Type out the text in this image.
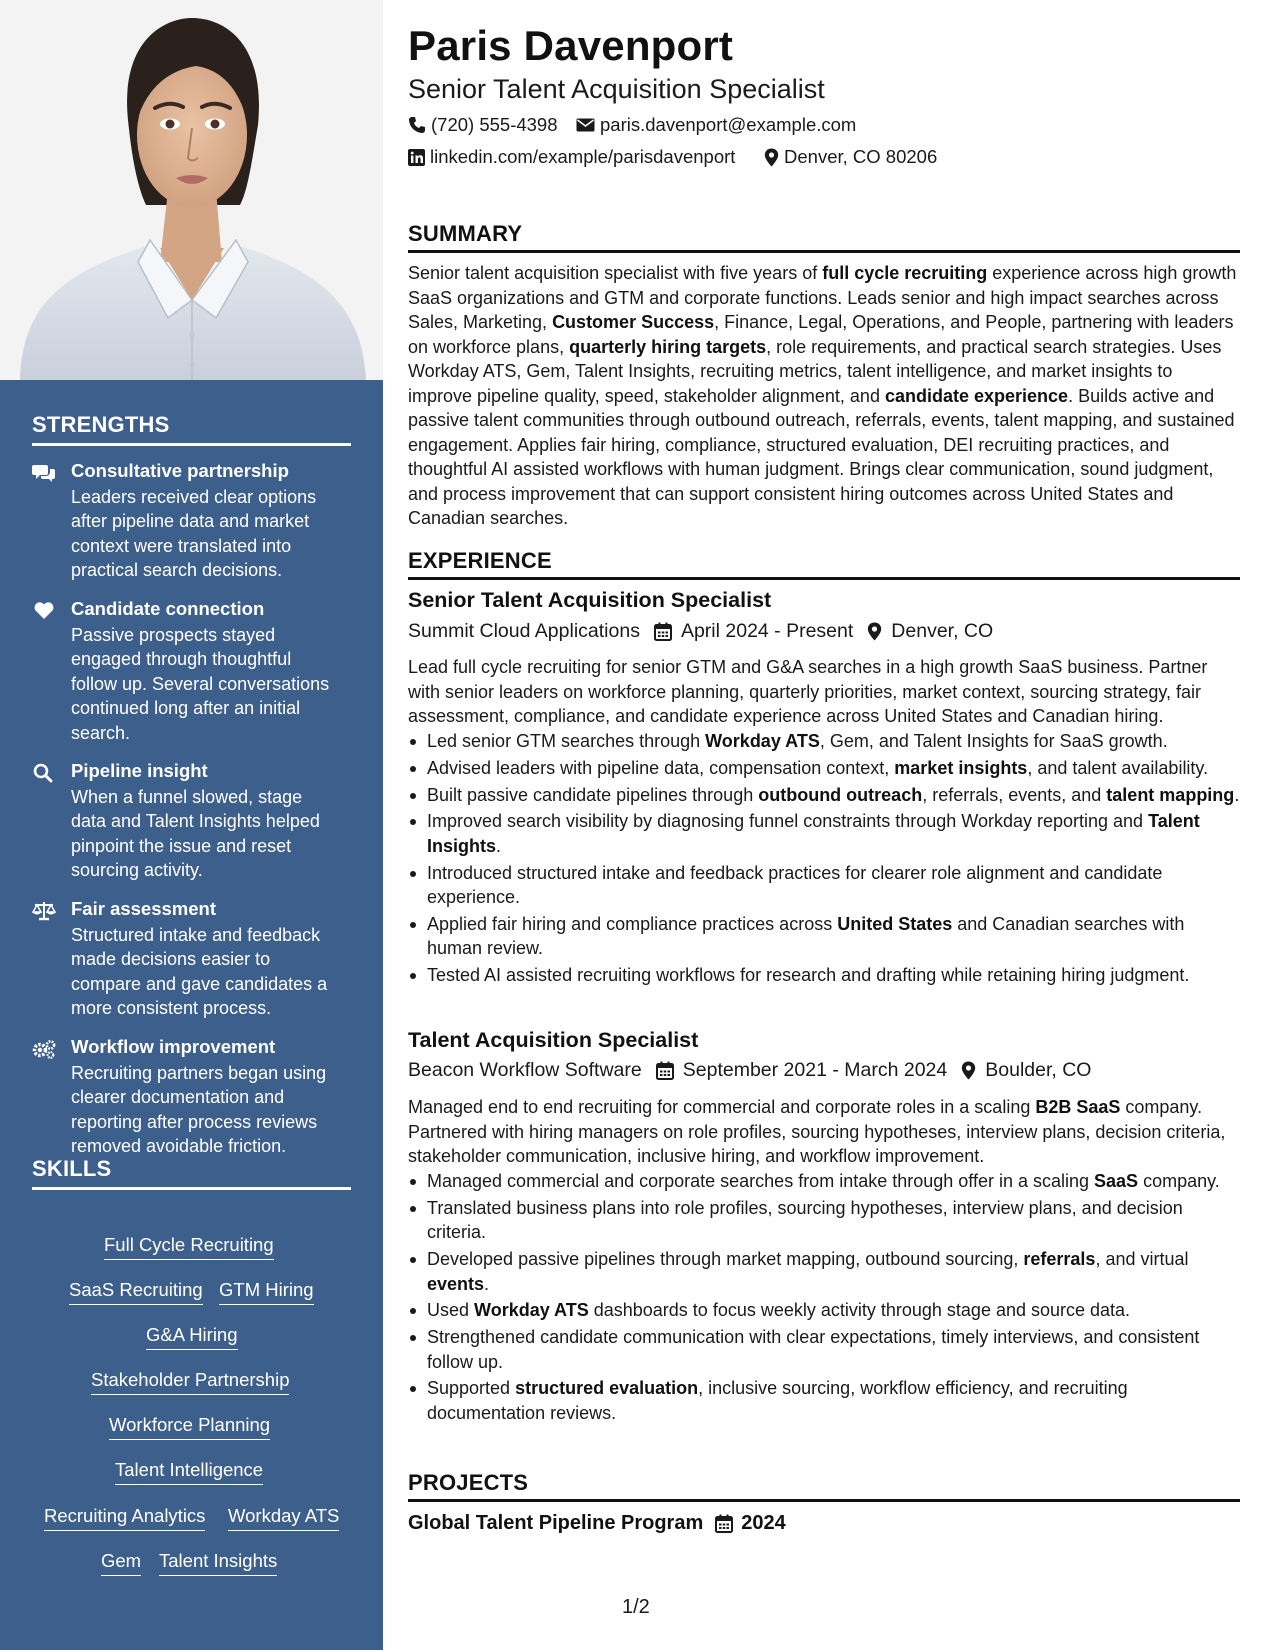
STRENGTHS
Consultative partnership
Leaders received clear options after pipeline data and market context were translated into practical search decisions.
Candidate connection
Passive prospects stayed engaged through thoughtful follow up. Several conversations continued long after an initial search.
Pipeline insight
When a funnel slowed, stage data and Talent Insights helped pinpoint the issue and reset sourcing activity.
Fair assessment
Structured intake and feedback made decisions easier to compare and gave candidates a more consistent process.
Workflow improvement
Recruiting partners began using clearer documentation and reporting after process reviews removed avoidable friction.
SKILLS
Full Cycle Recruiting
SaaS Recruiting GTM Hiring
G&A Hiring
Stakeholder Partnership
Workforce Planning
Talent Intelligence
Recruiting Analytics Workday ATS
Gem Talent Insights
Paris Davenport
Senior Talent Acquisition Specialist
(720) 555-4398 paris.davenport@example.com
linkedin.com/example/parisdavenport	Denver, CO 80206
SUMMARY

Senior talent acquisition specialist with five years of full cycle recruiting experience across high growth SaaS organizations and GTM and corporate functions. Leads senior and high impact searches across Sales, Marketing, Customer Success, Finance, Legal, Operations, and People, partnering with leaders on workforce plans, quarterly hiring targets, role requirements, and practical search strategies. Uses Workday ATS, Gem, Talent Insights, recruiting metrics, talent intelligence, and market insights to improve pipeline quality, speed, stakeholder alignment, and candidate experience. Builds active and passive talent communities through outbound outreach, referrals, events, talent mapping, and sustained engagement. Applies fair hiring, compliance, structured evaluation, DEI recruiting practices, and thoughtful AI assisted workflows with human judgment. Brings clear communication, sound judgment, and process improvement that can support consistent hiring outcomes across United States and Canadian searches.

EXPERIENCE
Senior Talent Acquisition Specialist
Summit Cloud Applications April 2024 - Present Denver, CO

Lead full cycle recruiting for senior GTM and G&A searches in a high growth SaaS business. Partner with senior leaders on workforce planning, quarterly priorities, market context, sourcing strategy, fair assessment, compliance, and candidate experience across United States and Canadian hiring.

Led senior GTM searches through Workday ATS, Gem, and Talent Insights for SaaS growth.
Advised leaders with pipeline data, compensation context, market insights, and talent availability.
Built passive candidate pipelines through outbound outreach, referrals, events, and talent mapping.
Improved search visibility by diagnosing funnel constraints through Workday reporting and Talent Insights.
Introduced structured intake and feedback practices for clearer role alignment and candidate experience.
Applied fair hiring and compliance practices across United States and Canadian searches with human review.
Tested AI assisted recruiting workflows for research and drafting while retaining hiring judgment.
Talent Acquisition Specialist
Beacon Workflow Software September 2021 - March 2024 Boulder, CO

Managed end to end recruiting for commercial and corporate roles in a scaling B2B SaaS company. Partnered with hiring managers on role profiles, sourcing hypotheses, interview plans, decision criteria, stakeholder communication, inclusive hiring, and workflow improvement.

Managed commercial and corporate searches from intake through offer in a scaling SaaS company.
Translated business plans into role profiles, sourcing hypotheses, interview plans, and decision criteria.
Developed passive pipelines through market mapping, outbound sourcing, referrals, and virtual events.
Used Workday ATS dashboards to focus weekly activity through stage and source data.
Strengthened candidate communication with clear expectations, timely interviews, and consistent follow up.
Supported structured evaluation, inclusive sourcing, workflow efficiency, and recruiting documentation reviews.
PROJECTS
Global Talent Pipeline Program 2024
1/2
